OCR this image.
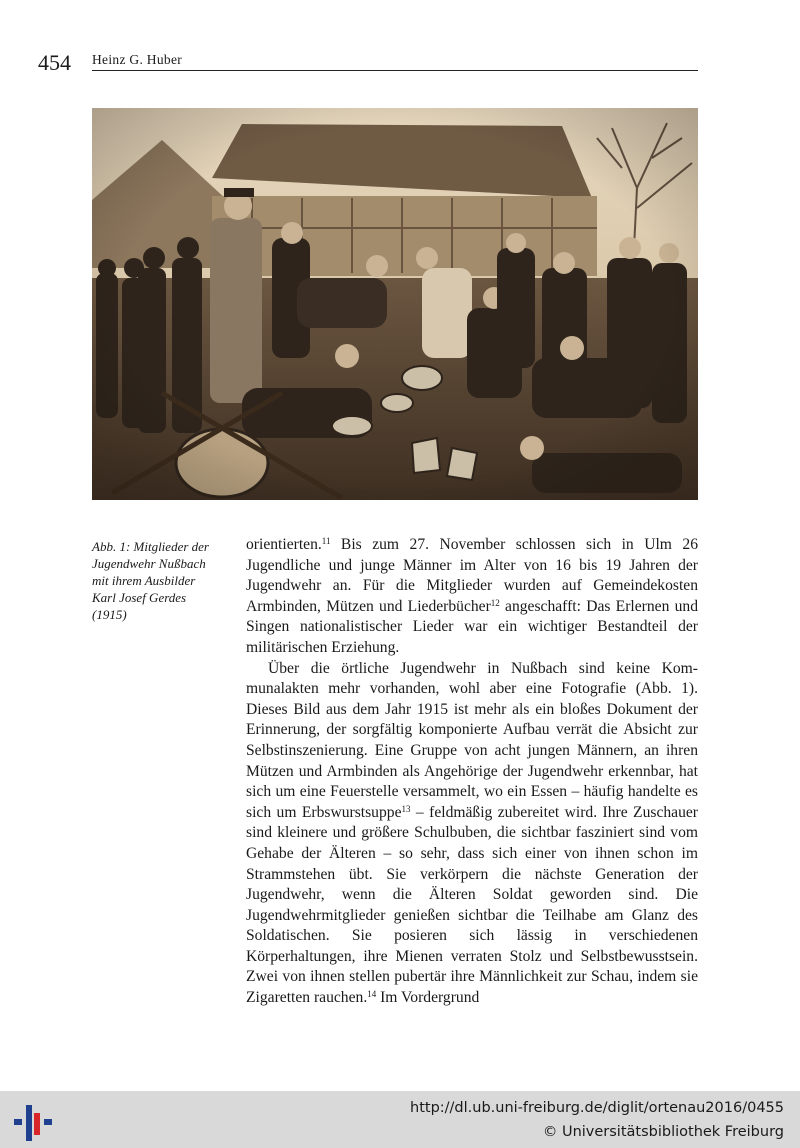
454 Heinz G. Huber
Abb. 1: Mitglieder der
Jugendwehr Nußbach
mit ihrem Ausbilder
Karl Josef Gerdes
(1915)

orientierten.$^{11}$ Bis zum 27. November schlossen sich in Ulm 26 Jugendliche und junge Männer im Alter von 16 bis 19 Jahren der Jugendwehr an. Für die Mitglieder wurden auf Gemeindekosten Armbinden, Mützen und Liederbücher$^{12}$ angeschafft: Das Erlernen und Singen nationalistischer Lieder war ein wichtiger Bestandteil der militärischen Erziehung.

Über die örtliche Jugendwehr in Nußbach sind keine Kommunalakten mehr vorhanden, wohl aber eine Fotografie (Abb. 1). Dieses Bild aus dem Jahr 1915 ist mehr als ein bloßes Dokument der Erinnerung, der sorgfältig komponierte Aufbau verrät die Absicht zur Selbstinszenierung. Eine Gruppe von acht jungen Männern, an ihren Mützen und Armbinden als Angehörige der Jugendwehr erkennbar, hat sich um eine Feuerstelle versammelt, wo ein Essen – häufig handelte es sich um Erbswurstsuppe$^{13}$ – feldmäßig zubereitet wird. Ihre Zuschauer sind kleinere und größere Schulbuben, die sichtbar fasziniert sind vom Gehabe der Älteren – so sehr, dass sich einer von ihnen schon im Strammstehen übt. Sie verkörpern die nächste Generation der Jugendwehr, wenn die Älteren Soldat geworden sind. Die Jugendwehrmitglieder genießen sichtbar die Teilhabe am Glanz des Soldatischen. Sie posieren sich lässig in verschiedenen Körperhaltungen, ihre Mienen verraten Stolz und Selbstbewusstsein. Zwei von ihnen stellen pubertär ihre Männlichkeit zur Schau, indem sie Zigaretten rauchen.$^{14}$ Im Vordergrund

http://dl.ub.uni-freiburg.de/diglit/ortenau2016/0455
© Universitätsbibliothek Freiburg
